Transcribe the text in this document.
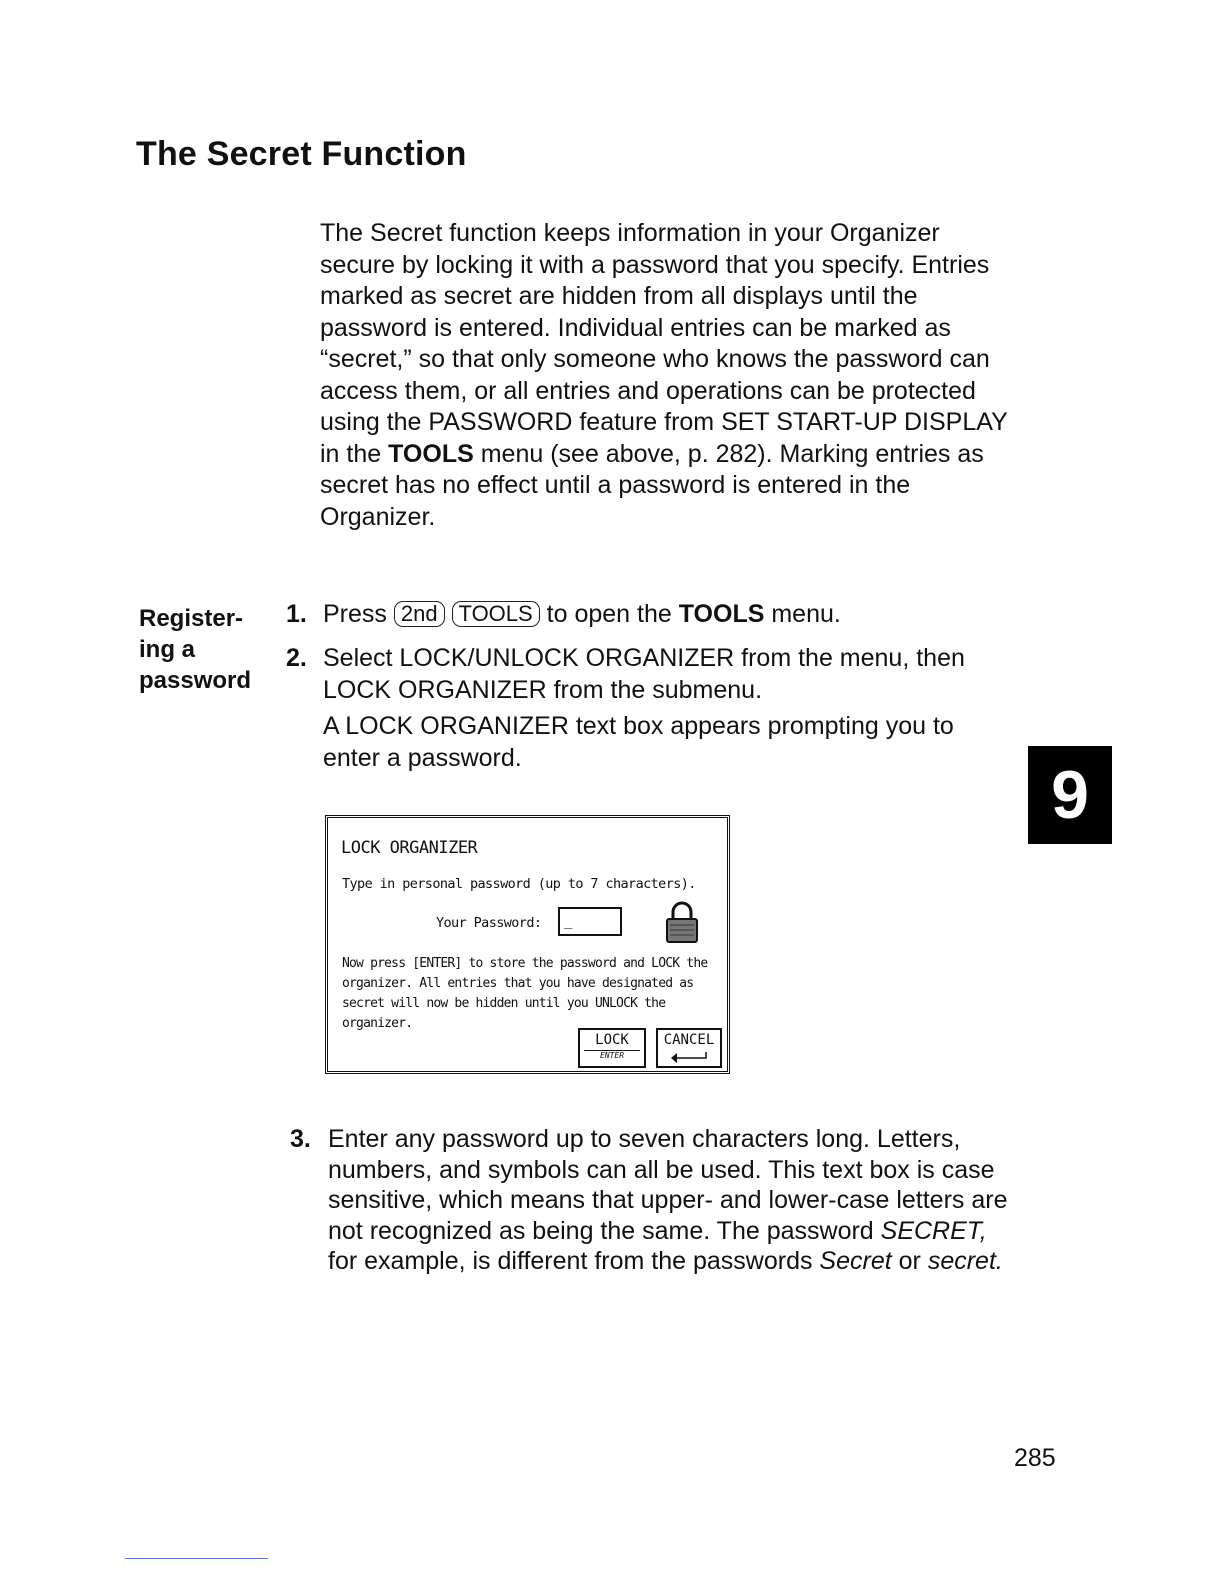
The Secret Function

The Secret function keeps information in your Organizer secure by locking it with a password that you specify. Entries marked as secret are hidden from all displays until the password is entered. Individual entries can be marked as “secret,” so that only someone who knows the password can access them, or all entries and operations can be protected using the PASSWORD feature from SET START-UP DISPLAY in the TOOLS menu (see above, p. 282). Marking entries as secret has no effect until a password is entered in the Organizer.

Register-
ing a
password
1. Press 2nd TOOLS to open the TOOLS menu.
2. Select LOCK/UNLOCK ORGANIZER from the menu, then LOCK ORGANIZER from the submenu.
A LOCK ORGANIZER text box appears prompting you to enter a password.
LOCK ORGANIZER
Type in personal password (up to 7 characters).
Your Password:	_

Now press [ENTER] to store the password and LOCK the organizer. All entries that you have designated as secret will now be hidden until you UNLOCK the organizer.

LOCK
ENTER
CANCEL
3. Enter any password up to seven characters long. Letters, numbers, and symbols can all be used. This text box is case sensitive, which means that upper- and lower-case letters are not recognized as being the same. The password SECRET, for example, is different from the passwords Secret or secret.
9
285
